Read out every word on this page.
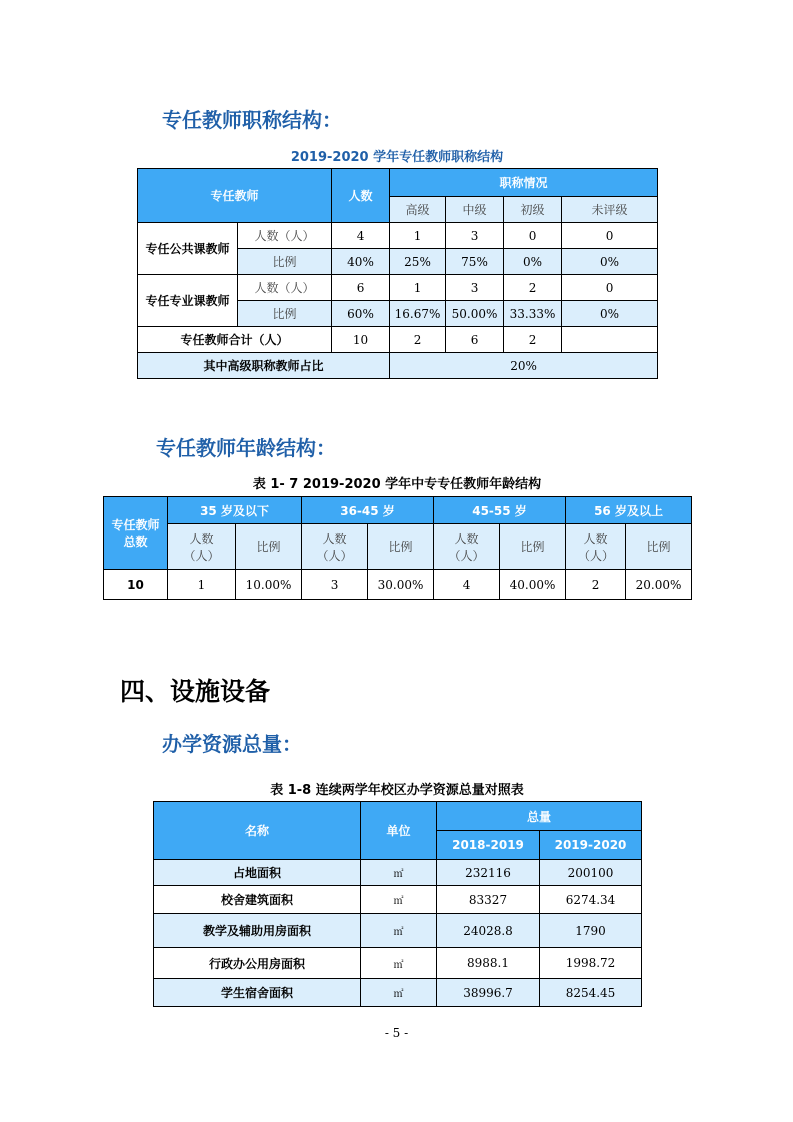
专任教师职称结构：
2019-2020 学年专任教师职称结构
专任教师		人数	职称情况			
			高级	中级	初级	未评级
专任公共课教师	人数（人）	4	1	3	0	0
	比例	40%	25%	75%	0%	0%
专任专业课教师	人数（人）	6	1	3	2	0
	比例	60%	16.67%	50.00%	33.33%	0%
专任教师合计（人）		10	2	6	2	
其中高级职称教师占比			20%			
专任教师年龄结构：
表 1- 7 2019-2020 学年中专专任教师年龄结构
专任教师总数	35 岁及以下		36-45 岁		45-55 岁		56 岁及以上	
	人数（人）	比例	人数（人）	比例	人数（人）	比例	人数（人）	比例
10	1	10.00%	3	30.00%	4	40.00%	2	20.00%
四、设施设备
办学资源总量：
表 1-8 连续两学年校区办学资源总量对照表
名称	单位	总量	
		2018-2019	2019-2020
占地面积	㎡	232116	200100
校舍建筑面积	㎡	83327	6274.34
教学及辅助用房面积	㎡	24028.8	1790
行政办公用房面积	㎡	8988.1	1998.72
学生宿舍面积	㎡	38996.7	8254.45
- 5 -
